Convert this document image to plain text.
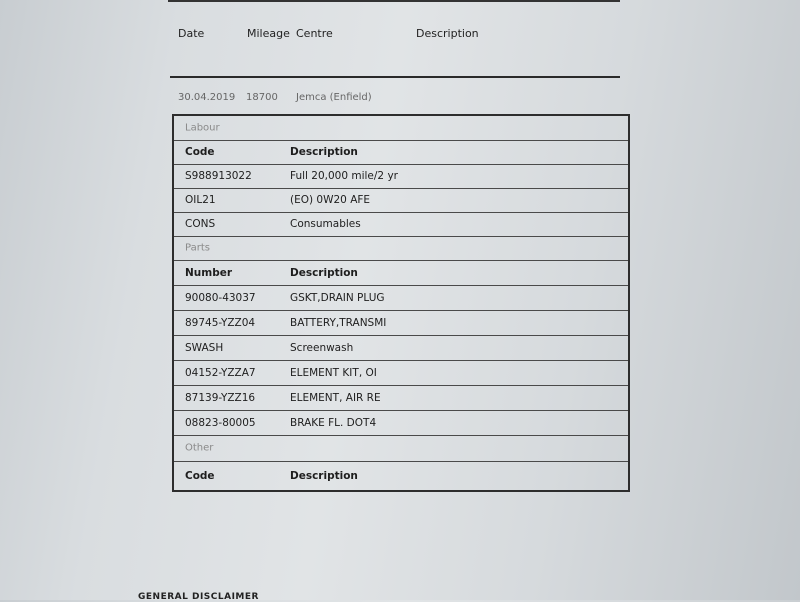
Date	Mileage Centre	Description
30.04.2019 18700 Jemca (Enfield)
Labour
Code	Description
S988913022	Full 20,000 mile/2 yr
OIL21	(EO) 0W20 AFE
CONS	Consumables
Parts
Number	Description
90080-43037	GSKT,DRAIN PLUG
89745-YZZ04	BATTERY,TRANSMI
SWASH	Screenwash
04152-YZZA7	ELEMENT KIT, OI
87139-YZZ16	ELEMENT, AIR RE
08823-80005	BRAKE FL. DOT4
Other
Code	Description
GENERAL DISCLAIMER
